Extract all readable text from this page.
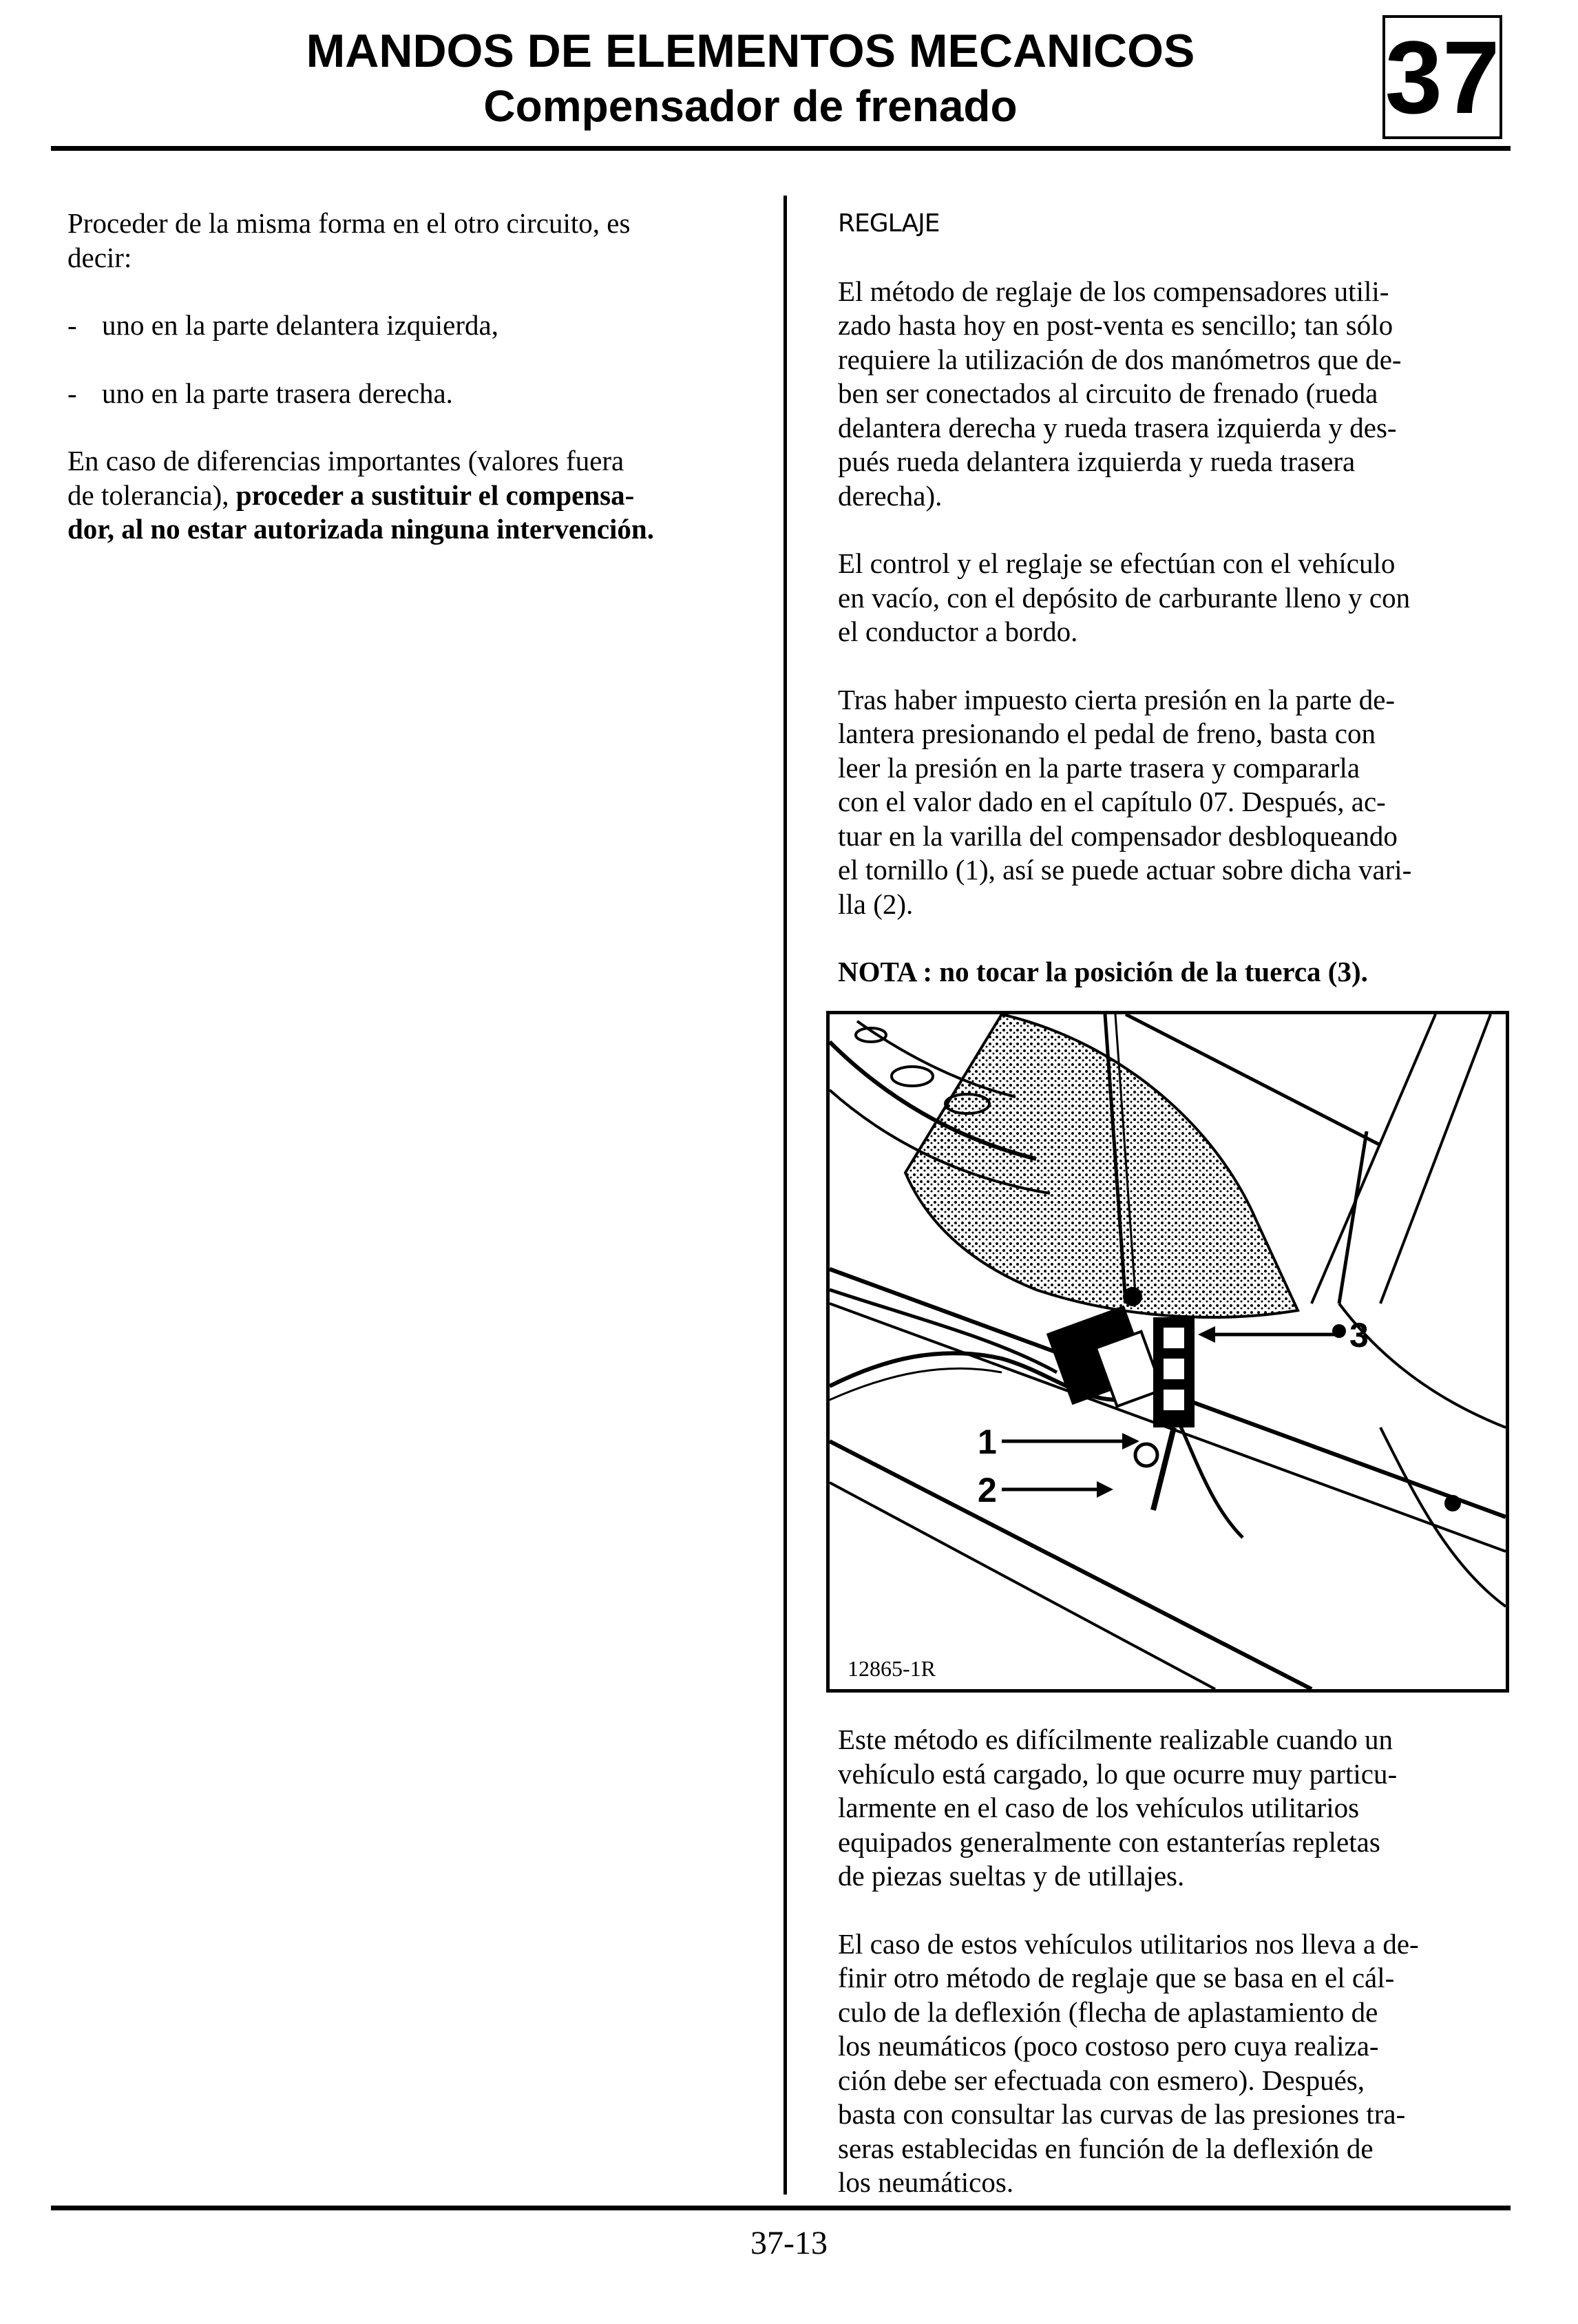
MANDOS DE ELEMENTOS MECANICOS
Compensador de frenado	37

Proceder de la misma forma en el otro circuito, es
decir:

- uno en la parte delantera izquierda,

- uno en la parte trasera derecha.

En caso de diferencias importantes (valores fuera
de tolerancia), proceder a sustituir el compensa-
dor, al no estar autorizada ninguna intervención.

REGLAJE

El método de reglaje de los compensadores utili-
zado hasta hoy en post-venta es sencillo; tan sólo
requiere la utilización de dos manómetros que de-
ben ser conectados al circuito de frenado (rueda
delantera derecha y rueda trasera izquierda y des-
pués rueda delantera izquierda y rueda trasera
derecha).

El control y el reglaje se efectúan con el vehículo
en vacío, con el depósito de carburante lleno y con
el conductor a bordo.

Tras haber impuesto cierta presión en la parte de-
lantera presionando el pedal de freno, basta con
leer la presión en la parte trasera y compararla
con el valor dado en el capítulo 07. Después, ac-
tuar en la varilla del compensador desbloqueando
el tornillo (1), así se puede actuar sobre dicha vari-
lla (2).

NOTA : no tocar la posición de la tuerca (3).

1
2
3
12865-1R

Este método es difícilmente realizable cuando un
vehículo está cargado, lo que ocurre muy particu-
larmente en el caso de los vehículos utilitarios
equipados generalmente con estanterías repletas
de piezas sueltas y de utillajes.

El caso de estos vehículos utilitarios nos lleva a de-
finir otro método de reglaje que se basa en el cál-
culo de la deflexión (flecha de aplastamiento de
los neumáticos (poco costoso pero cuya realiza-
ción debe ser efectuada con esmero). Después,
basta con consultar las curvas de las presiones tra-
seras establecidas en función de la deflexión de
los neumáticos.

37-13
